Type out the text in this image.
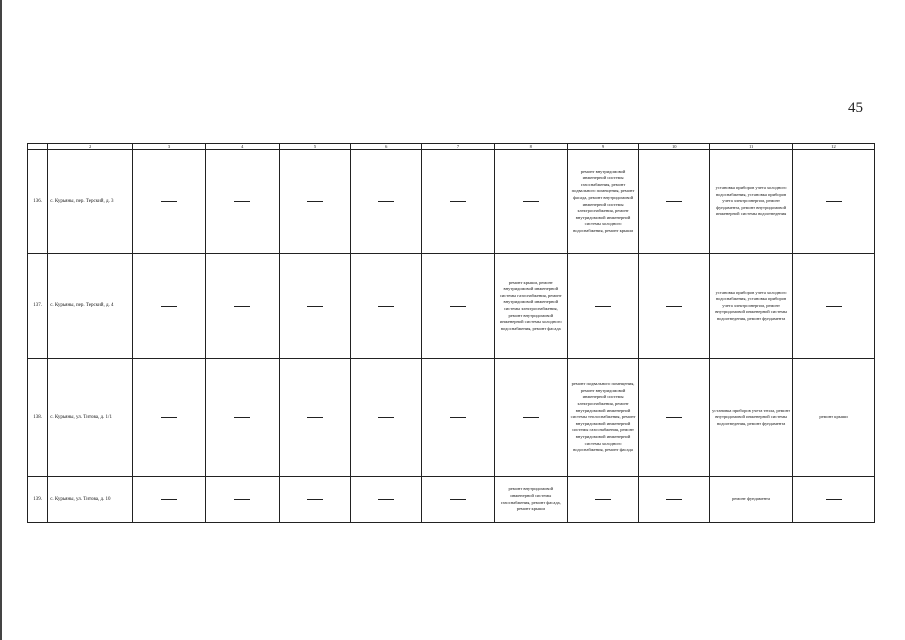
45
	2	3	4	5	6	7	8	9	10	11	12
136.	с. Курьяны, пер. Терский, д. 3							ремонт внутридомовой инженерной системы газоснабжения, ремонт подвального помещения, ремонт фасада, ремонт внутридомовой инженерной системы электроснабжения, ремонт внутридомовой инженерной системы холодного водоснабжения, ремонт крыши		установка приборов учета холодного водоснабжения, установка приборов учета электроэнергии, ремонт фундамента, ремонт внутридомовой инженерной системы водоотведения	
137.	с. Курьяны, пер. Терский, д. 4						ремонт крыши, ремонт внутридомовой инженерной системы газоснабжения, ремонт внутридомовой инженерной системы электроснабжения, ремонт внутридомовой инженерной системы холодного водоснабжения, ремонт фасада			установка приборов учета холодного водоснабжения, установка приборов учета электроэнергии, ремонт внутридомовой инженерной системы водоотведения, ремонт фундамента	
138.	с. Курьяны, ул. Титова, д. 1/1							ремонт подвального помещения, ремонт внутридомовой инженерной системы электроснабжения, ремонт внутридомовой инженерной системы теплоснабжения, ремонт внутридомовой инженерной системы газоснабжения, ремонт внутридомовой инженерной системы холодного водоснабжения, ремонт фасада		установка приборов учета тепла, ремонт внутридомовой инженерной системы водоотведения, ремонт фундамента	ремонт крыши
139.	с. Курьяны, ул. Титова, д. 10						ремонт внутридомовой инженерной системы газоснабжения, ремонт фасада, ремонт крыши			ремонт фундамента	
